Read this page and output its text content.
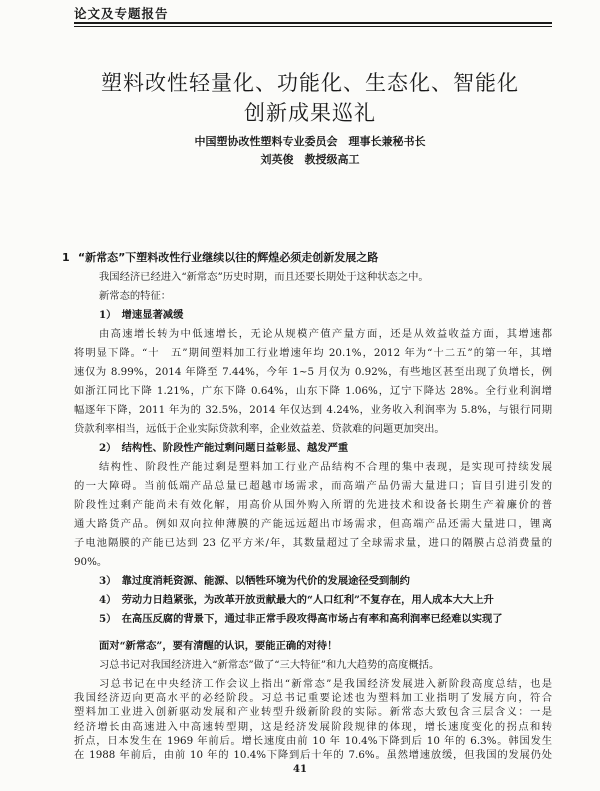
论文及专题报告
塑料改性轻量化、功能化、生态化、智能化
创新成果巡礼
中国塑协改性塑料专业委员会　理事长兼秘书长
刘英俊　教授级高工
1 “新常态”下塑料改性行业继续以往的辉煌必须走创新发展之路
我国经济已经进入“新常态”历史时期，而且还要长期处于这种状态之中。
新常态的特征：
1）　增速显著减缓
由高速增长转为中低速增长，无论从规模产值产量方面，还是从效益收益方面，其增速都
将明显下降。“十　五”期间塑料加工行业增速年均 20.1%，2012 年为“十二五”的第一年，其增
速仅为 8.99%，2014 年降至 7.44%，今年 1~5 月仅为 0.92%，有些地区甚至出现了负增长，例
如浙江同比下降 1.21%，广东下降 0.64%，山东下降 1.06%，辽宁下降达 28%。全行业利润增
幅逐年下降，2011 年为的 32.5%，2014 年仅达到 4.24%，业务收入利润率为 5.8%，与银行同期
贷款利率相当，远低于企业实际贷款利率，企业效益差、贷款难的问题更加突出。
2）　结构性、阶段性产能过剩问题日益彰显、越发严重
结构性、阶段性产能过剩是塑料加工行业产品结构不合理的集中表现，是实现可持续发展
的一大障碍。当前低端产品总量已超越市场需求，而高端产品仍需大量进口；盲目引进引发的
阶段性过剩产能尚未有效化解，用高价从国外购入所谓的先进技术和设备长期生产着廉价的普
通大路货产品。例如双向拉伸薄膜的产能远远超出市场需求，但高端产品还需大量进口，锂离
子电池隔膜的产能已达到 23 亿平方米/年，其数量超过了全球需求量，进口的隔膜占总消费量的
90%。
3）　靠过度消耗资源、能源、以牺牲环境为代价的发展途径受到制约
4）　劳动力日趋紧张，为改革开放贡献最大的“人口红利”不复存在，用人成本大大上升
5）　在高压反腐的背景下，通过非正常手段攻得高市场占有率和高利润率已经难以实现了
面对“新常态”，要有清醒的认识，要能正确的对待！
习总书记对我国经济进入“新常态”做了“三大特征”和九大趋势的高度概括。
习总书记在中央经济工作会议上指出“新常态”是我国经济发展进入新阶段高度总结，也是
我国经济迈向更高水平的必经阶段。习总书记重要论述也为塑料加工业指明了发展方向，符合
塑料加工业进入创新驱动发展和产业转型升级新阶段的实际。新常态大致包含三层含义：一是
经济增长由高速进入中高速转型期，这是经济发展阶段规律的体现，增长速度变化的拐点和转
41
折点，日本发生在 1969 年前后。增长速度由前 10 年 10.4%下降到后 10 年的 6.3%。韩国发生
在 1988 年前后，由前 10 年的 10.4%下降到后十年的 7.6%。虽然增速放缓，但我国的发展仍处
